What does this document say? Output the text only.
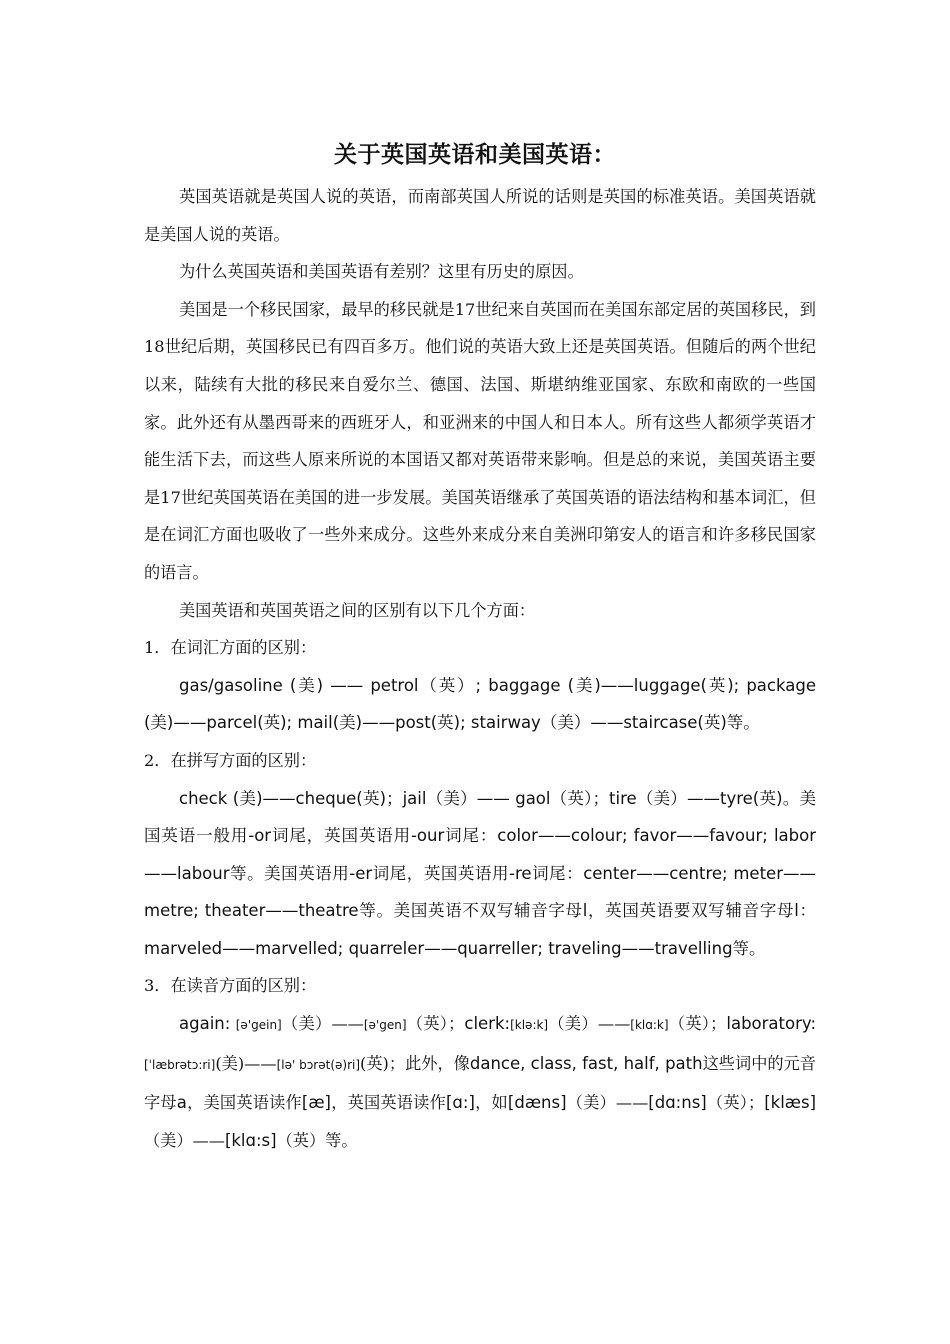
关于英国英语和美国英语：

英国英语就是英国人说的英语，而南部英国人所说的话则是英国的标准英语。美国英语就是美国人说的英语。

为什么英国英语和美国英语有差别？这里有历史的原因。

美国是一个移民国家，最早的移民就是17世纪来自英国而在美国东部定居的英国移民，到18世纪后期，英国移民已有四百多万。他们说的英语大致上还是英国英语。但随后的两个世纪以来，陆续有大批的移民来自爱尔兰、德国、法国、斯堪纳维亚国家、东欧和南欧的一些国家。此外还有从墨西哥来的西班牙人，和亚洲来的中国人和日本人。所有这些人都须学英语才能生活下去，而这些人原来所说的本国语又都对英语带来影响。但是总的来说，美国英语主要是17世纪英国英语在美国的进一步发展。美国英语继承了英国英语的语法结构和基本词汇，但是在词汇方面也吸收了一些外来成分。这些外来成分来自美洲印第安人的语言和许多移民国家的语言。

美国英语和英国英语之间的区别有以下几个方面：

1．在词汇方面的区别：

gas/gasoline (美) —— petrol（英）; baggage (美)——luggage(英); package (美)——parcel(英); mail(美)——post(英); stairway（美）——staircase(英)等。

2．在拼写方面的区别：

check (美)——cheque(英)；jail（美）—— gaol（英）；tire（美）——tyre(英)。美国英语一般用-or词尾，英国英语用-our词尾：color——colour; favor——favour; labor——labour等。美国英语用-er词尾，英国英语用-re词尾：center——centre; meter——metre; theater——theatre等。美国英语不双写辅音字母l，英国英语要双写辅音字母l：marveled——marvelled; quarreler——quarreller; traveling——travelling等。

3．在读音方面的区别：

again: [ə'gein]（美）——[ə'gen]（英）；clerk:[klə:k]（美）——[klɑ:k]（英）；laboratory: [ˈlæbrətɔ:ri](美)——[lə' bɔrət(ə)ri](英)；此外，像dance, class, fast, half, path这些词中的元音字母a，美国英语读作[æ]，英国英语读作[ɑ:]，如[dæns]（美）——[dɑ:ns]（英）；[klæs]（美）——[klɑ:s]（英）等。
